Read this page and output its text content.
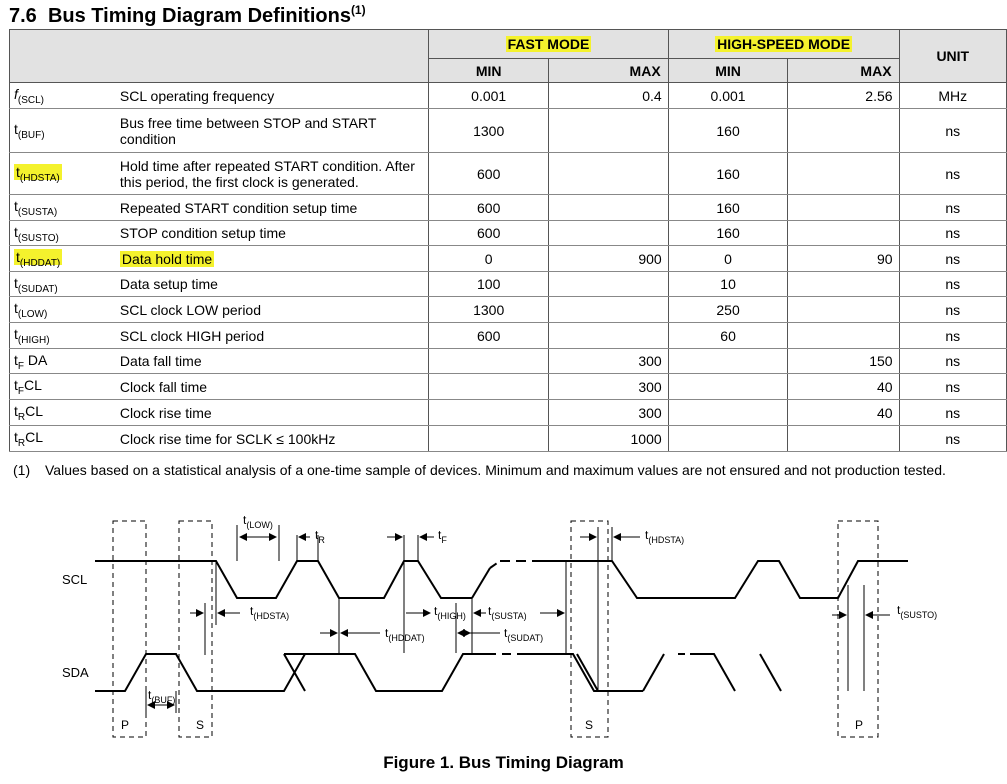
7.6 Bus Timing Diagram Definitions$^{(1)}$
		FAST MODE		HIGH-SPEED MODE		UNIT
		MIN	MAX	MIN	MAX	
$f_{(SCL)}$	SCL operating frequency	0.001	0.4	0.001	2.56	MHz
$t_{(BUF)}$	Bus free time between STOP and START condition	1300		160		ns
$t_{(HDSTA)}$	Hold time after repeated START condition. After this period, the first clock is generated.	600		160		ns
$t_{(SUSTA)}$	Repeated START condition setup time	600		160		ns
$t_{(SUSTO)}$	STOP condition setup time	600		160		ns
$t_{(HDDAT)}$	Data hold time	0	900	0	90	ns
$t_{(SUDAT)}$	Data setup time	100		10		ns
$t_{(LOW)}$	SCL clock LOW period	1300		250		ns
$t_{(HIGH)}$	SCL clock HIGH period	600		60		ns
$t_F$ DA	Data fall time		300		150	ns
$t_FCL$	Clock fall time		300		40	ns
$t_RCL$	Clock rise time		300		40	ns
$t_RCL$	Clock rise time for SCLK ≤ 100kHz		1000			ns
(1) Values based on a statistical analysis of a one-time sample of devices. Minimum and maximum values are not ensured and not production tested.
SCL
SDA
$t_{(LOW)}$
$t_R$	$t_F$	$t_{(HDSTA)}$
$t_{(HDSTA)}$	$t_{(HIGH)}$ $t_{(SUSTA)}$
$t_{(HDDAT)}$	$t_{(SUDAT)}$
$t_{(BUF)}$
$t_{(SUSTO)}$
P	S	S	P
Figure 1. Bus Timing Diagram
